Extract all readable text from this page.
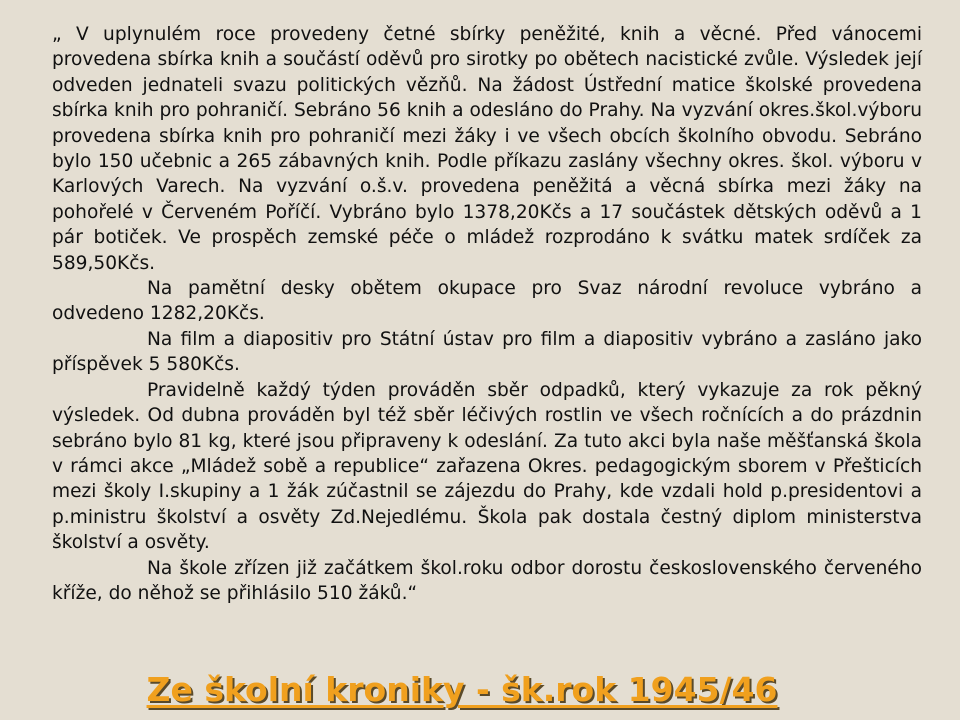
„ V uplynulém roce provedeny četné sbírky peněžité, knih a věcné. Před vánocemi provedena sbírka knih a součástí oděvů pro sirotky po obětech nacistické zvůle. Výsledek její odveden jednateli svazu politických vězňů. Na žádost Ústřední matice školské provedena sbírka knih pro pohraničí. Sebráno 56 knih a odesláno do Prahy. Na vyzvání okres.škol.výboru provedena sbírka knih pro pohraničí mezi žáky i ve všech obcích školního obvodu. Sebráno bylo 150 učebnic a 265 zábavných knih. Podle příkazu zaslány všechny okres. škol. výboru v Karlových Varech. Na vyzvání o.š.v. provedena peněžitá a věcná sbírka mezi žáky na pohořelé v Červeném Poříčí. Vybráno bylo 1378,20Kčs a 17 součástek dětských oděvů a 1 pár botiček. Ve prospěch zemské péče o mládež rozprodáno k svátku matek srdíček za 589,50Kčs.

Na pamětní desky obětem okupace pro Svaz národní revoluce vybráno a odvedeno 1282,20Kčs.

Na film a diapositiv pro Státní ústav pro film a diapositiv vybráno a zasláno jako příspěvek 5 580Kčs.

Pravidelně každý týden prováděn sběr odpadků, který vykazuje za rok pěkný výsledek. Od dubna prováděn byl též sběr léčivých rostlin ve všech ročnících a do prázdnin sebráno bylo 81 kg, které jsou připraveny k odeslání. Za tuto akci byla naše měšťanská škola v rámci akce „Mládež sobě a republice“ zařazena Okres. pedagogickým sborem v Přešticích mezi školy I.skupiny a 1 žák zúčastnil se zájezdu do Prahy, kde vzdali hold p.presidentovi a p.ministru školství a osvěty Zd.Nejedlému. Škola pak dostala čestný diplom ministerstva školství a osvěty.

Na škole zřízen již začátkem škol.roku odbor dorostu československého červeného kříže, do něhož se přihlásilo 510 žáků.“

Ze školní kroniky - šk.rok 1945/46
